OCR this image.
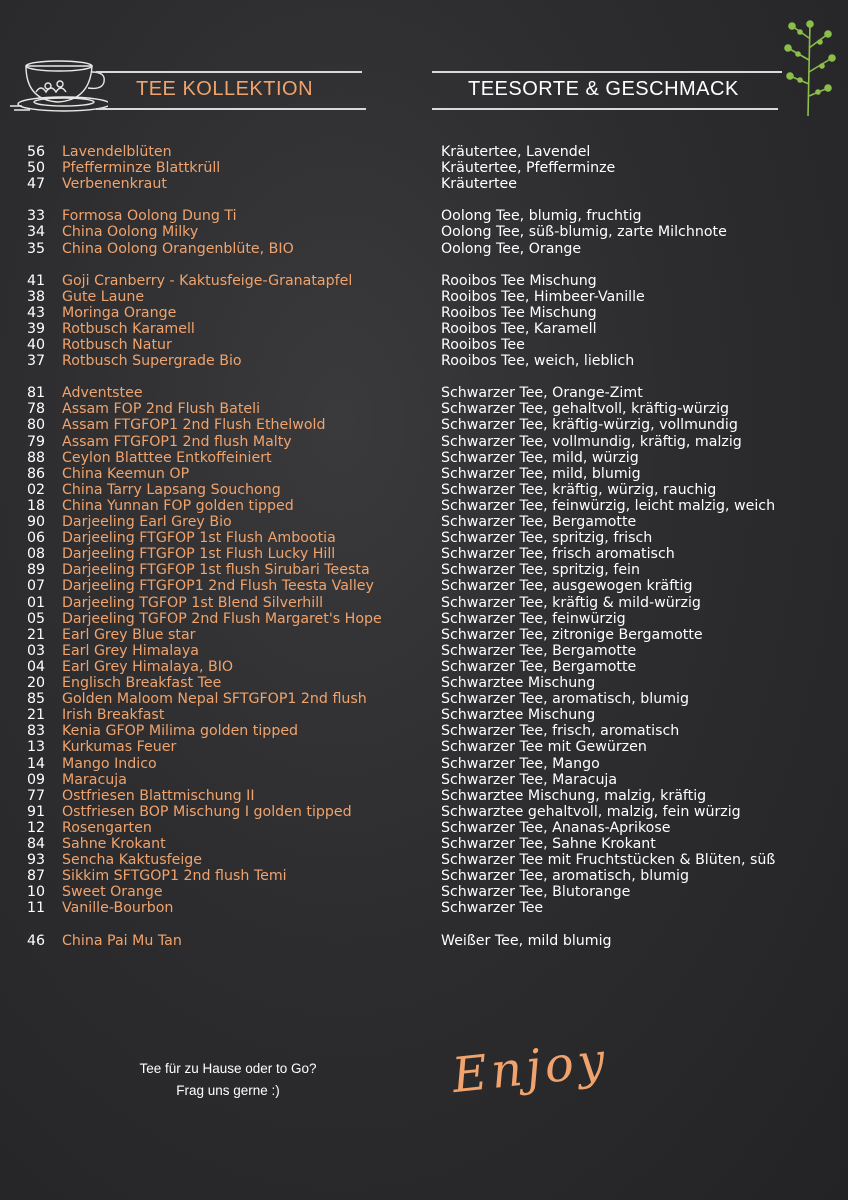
TEE KOLLEKTION	TEESORTE & GESCHMACK
56 Lavendelblüten	Kräutertee, Lavendel
50 Pfefferminze Blattkrüll	Kräutertee, Pfefferminze
47 Verbenenkraut	Kräutertee
33 Formosa Oolong Dung Ti	Oolong Tee, blumig, fruchtig
34 China Oolong Milky	Oolong Tee, süß-blumig, zarte Milchnote
35 China Oolong Orangenblüte, BIO	Oolong Tee, Orange
41 Goji Cranberry - Kaktusfeige-Granatapfel	Rooibos Tee Mischung
38 Gute Laune	Rooibos Tee, Himbeer-Vanille
43 Moringa Orange	Rooibos Tee Mischung
39 Rotbusch Karamell	Rooibos Tee, Karamell
40 Rotbusch Natur	Rooibos Tee
37 Rotbusch Supergrade Bio	Rooibos Tee, weich, lieblich
81 Adventstee	Schwarzer Tee, Orange-Zimt
78 Assam FOP 2nd Flush Bateli	Schwarzer Tee, gehaltvoll, kräftig-würzig
80 Assam FTGFOP1 2nd Flush Ethelwold	Schwarzer Tee, kräftig-würzig, vollmundig
79 Assam FTGFOP1 2nd flush Malty	Schwarzer Tee, vollmundig, kräftig, malzig
88 Ceylon Blatttee Entkoffeiniert	Schwarzer Tee, mild, würzig
86 China Keemun OP	Schwarzer Tee, mild, blumig
02 China Tarry Lapsang Souchong	Schwarzer Tee, kräftig, würzig, rauchig
18 China Yunnan FOP golden tipped	Schwarzer Tee, feinwürzig, leicht malzig, weich
90 Darjeeling Earl Grey Bio	Schwarzer Tee, Bergamotte
06 Darjeeling FTGFOP 1st Flush Ambootia	Schwarzer Tee, spritzig, frisch
08 Darjeeling FTGFOP 1st Flush Lucky Hill	Schwarzer Tee, frisch aromatisch
89 Darjeeling FTGFOP 1st flush Sirubari Teesta	Schwarzer Tee, spritzig, fein
07 Darjeeling FTGFOP1 2nd Flush Teesta Valley	Schwarzer Tee, ausgewogen kräftig
01 Darjeeling TGFOP 1st Blend Silverhill	Schwarzer Tee, kräftig & mild-würzig
05 Darjeeling TGFOP 2nd Flush Margaret's Hope	Schwarzer Tee, feinwürzig
21 Earl Grey Blue star	Schwarzer Tee, zitronige Bergamotte
03 Earl Grey Himalaya	Schwarzer Tee, Bergamotte
04 Earl Grey Himalaya, BIO	Schwarzer Tee, Bergamotte
20 Englisch Breakfast Tee	Schwarztee Mischung
85 Golden Maloom Nepal SFTGFOP1 2nd flush	Schwarzer Tee, aromatisch, blumig
21 Irish Breakfast	Schwarztee Mischung
83 Kenia GFOP Milima golden tipped	Schwarzer Tee, frisch, aromatisch
13 Kurkumas Feuer	Schwarzer Tee mit Gewürzen
14 Mango Indico	Schwarzer Tee, Mango
09 Maracuja	Schwarzer Tee, Maracuja
77 Ostfriesen Blattmischung II	Schwarztee Mischung, malzig, kräftig
91 Ostfriesen BOP Mischung I golden tipped	Schwarztee gehaltvoll, malzig, fein würzig
12 Rosengarten	Schwarzer Tee, Ananas-Aprikose
84 Sahne Krokant	Schwarzer Tee, Sahne Krokant
93 Sencha Kaktusfeige	Schwarzer Tee mit Fruchtstücken & Blüten, süß
87 Sikkim SFTGOP1 2nd flush Temi	Schwarzer Tee, aromatisch, blumig
10 Sweet Orange	Schwarzer Tee, Blutorange
11 Vanille-Bourbon	Schwarzer Tee
46 China Pai Mu Tan	Weißer Tee, mild blumig
Tee für zu Hause oder to Go?
Frag uns gerne :)	Enjoy
